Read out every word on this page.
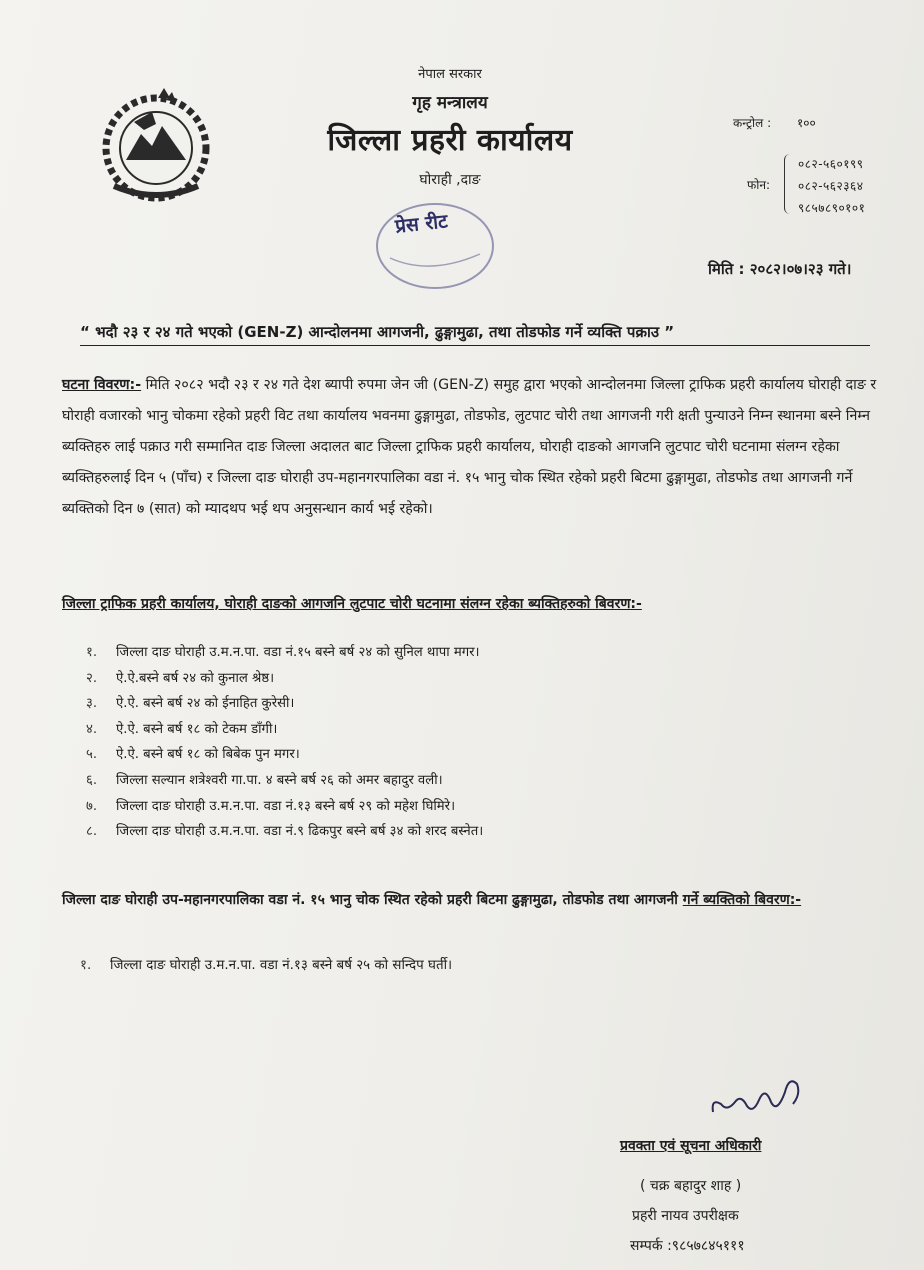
नेपाल सरकार
गृह मन्त्रालय
जिल्ला प्रहरी कार्यालय
घोराही ,दाङ
प्रेस रीट
कन्ट्रोल : १००
फोन:
०८२-५६०१९९
०८२-५६२३६४
९८५७८९०१०१
मिति : २०८२।०७।२३ गते।
“ भदौ २३ र २४ गते भएको (GEN-Z) आन्दोलनमा आगजनी, ढुङ्गामुढा, तथा तोडफोड गर्ने व्यक्ति पक्राउ ”
घटना विवरण:- मिति २०८२ भदौ २३ र २४ गते देश ब्यापी रुपमा जेन जी (GEN-Z) समुह द्वारा भएको आन्दोलनमा जिल्ला ट्राफिक प्रहरी कार्यालय घोराही दाङ र घोराही वजारको भानु चोकमा रहेको प्रहरी विट तथा कार्यालय भवनमा ढुङ्गामुढा, तोडफोड, लुटपाट चोरी तथा आगजनी गरी क्षती पुन्याउने निम्न स्थानमा बस्ने निम्न ब्यक्तिहरु लाई पक्राउ गरी सम्मानित दाङ जिल्ला अदालत बाट जिल्ला ट्राफिक प्रहरी कार्यालय, घोराही दाङको आगजनि लुटपाट चोरी घटनामा संलग्न रहेका ब्यक्तिहरुलाई दिन ५ (पाँच) र जिल्ला दाङ घोराही उप-महानगरपालिका वडा नं. १५ भानु चोक स्थित रहेको प्रहरी बिटमा ढुङ्गामुढा, तोडफोड तथा आगजनी गर्ने ब्यक्तिको दिन ७ (सात) को म्यादथप भई थप अनुसन्धान कार्य भई रहेको।
जिल्ला ट्राफिक प्रहरी कार्यालय, घोराही दाङको आगजनि लुटपाट चोरी घटनामा संलग्न रहेका ब्यक्तिहरुको बिवरण:-
१.	जिल्ला दाङ घोराही उ.म.न.पा. वडा नं.१५ बस्ने बर्ष २४ को सुनिल थापा मगर।
२.	ऐ.ऐ.बस्ने बर्ष २४ को कुनाल श्रेष्ठ।
३.	ऐ.ऐ. बस्ने बर्ष २४ को ईनाहित कुरेसी।
४.	ऐ.ऐ. बस्ने बर्ष १८ को टेकम डाँगी।
५.	ऐ.ऐ. बस्ने बर्ष १८ को बिबेक पुन मगर।
६.	जिल्ला सल्यान शत्रेश्वरी गा.पा. ४ बस्ने बर्ष २६ को अमर बहादुर वली।
७.	जिल्ला दाङ घोराही उ.म.न.पा. वडा नं.१३ बस्ने बर्ष २९ को महेश घिमिरे।
८.	जिल्ला दाङ घोराही उ.म.न.पा. वडा नं.९ ढिकपुर बस्ने बर्ष ३४ को शरद बस्नेत।
जिल्ला दाङ घोराही उप-महानगरपालिका वडा नं. १५ भानु चोक स्थित रहेको प्रहरी बिटमा ढुङ्गामुढा, तोडफोड तथा आगजनी गर्ने ब्यक्तिको बिवरण:-
१.	जिल्ला दाङ घोराही उ.म.न.पा. वडा नं.१३ बस्ने बर्ष २५ को सन्दिप घर्ती।
प्रवक्ता एवं सूचना अधिकारी
( चक्र बहादुर शाह )
प्रहरी नायव उपरीक्षक
सम्पर्क :९८५७८४५१११
